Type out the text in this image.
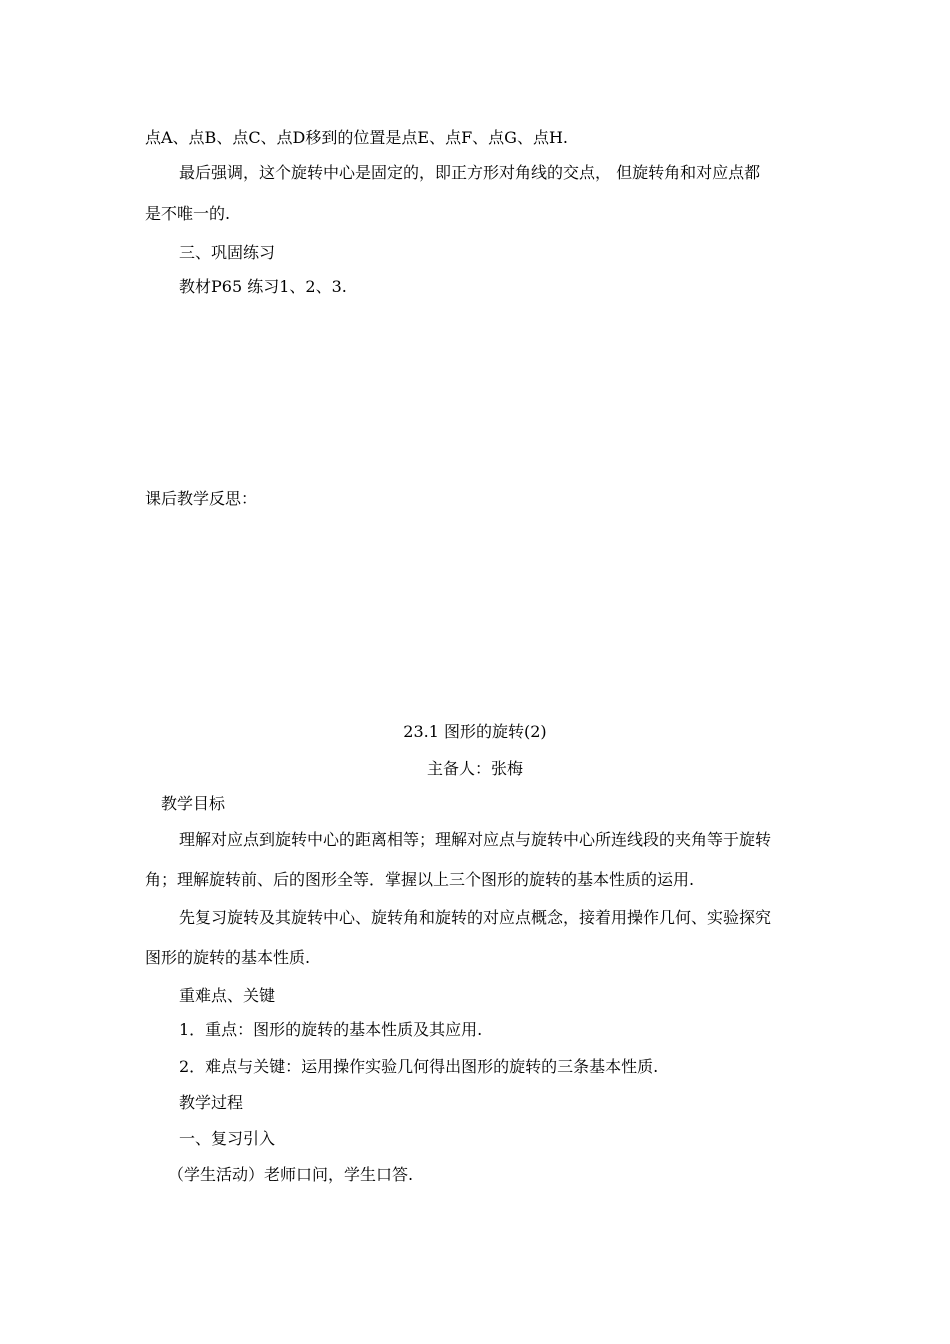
点A、点B、点C、点D移到的位置是点E、点F、点G、点H.

最后强调，这个旋转中心是固定的，即正方形对角线的交点， 但旋转角和对应点都

是不唯一的.

三、巩固练习

教材P65 练习1、2、3.

课后教学反思：

23.1 图形的旋转(2)

主备人：张梅

教学目标

理解对应点到旋转中心的距离相等；理解对应点与旋转中心所连线段的夹角等于旋转

角；理解旋转前、后的图形全等．掌握以上三个图形的旋转的基本性质的运用.

先复习旋转及其旋转中心、旋转角和旋转的对应点概念，接着用操作几何、实验探究

图形的旋转的基本性质.

重难点、关键

1．重点：图形的旋转的基本性质及其应用.

2．难点与关键：运用操作实验几何得出图形的旋转的三条基本性质.

教学过程

一、复习引入

（学生活动）老师口问，学生口答.
